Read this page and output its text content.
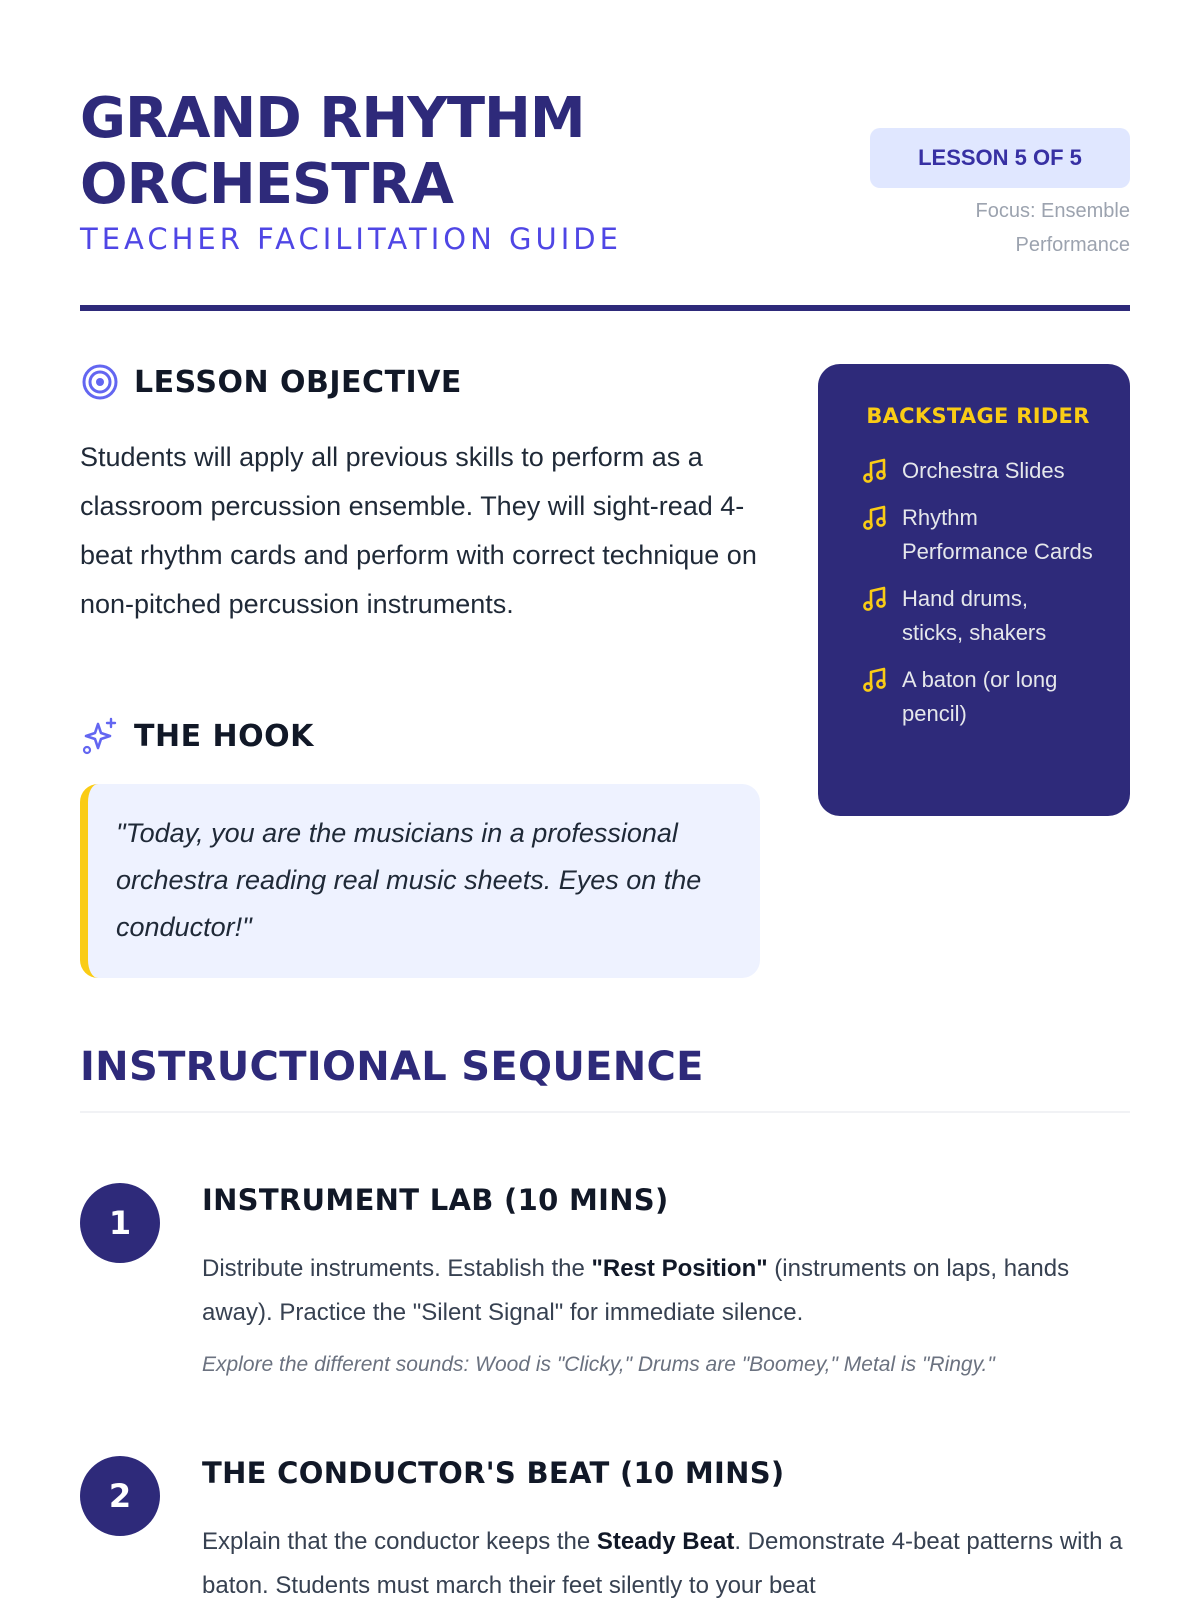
GRAND RHYTHM ORCHESTRA
TEACHER FACILITATION GUIDE
LESSON 5 OF 5
Focus: Ensemble Performance
LESSON OBJECTIVE

Students will apply all previous skills to perform as a classroom percussion ensemble. They will sight-read 4-beat rhythm cards and perform with correct technique on non-pitched percussion instruments.

THE HOOK

"Today, you are the musicians in a professional orchestra reading real music sheets. Eyes on the conductor!"

BACKSTAGE RIDER
Orchestra Slides
Rhythm Performance Cards
Hand drums, sticks, shakers
A baton (or long pencil)
INSTRUCTIONAL SEQUENCE
1
INSTRUMENT LAB (10 MINS)

Distribute instruments. Establish the "Rest Position" (instruments on laps, hands away). Practice the "Silent Signal" for immediate silence.

Explore the different sounds: Wood is "Clicky," Drums are "Boomey," Metal is "Ringy."

2
THE CONDUCTOR'S BEAT (10 MINS)

Explain that the conductor keeps the Steady Beat. Demonstrate 4-beat patterns with a baton. Students must march their feet silently to your beat
